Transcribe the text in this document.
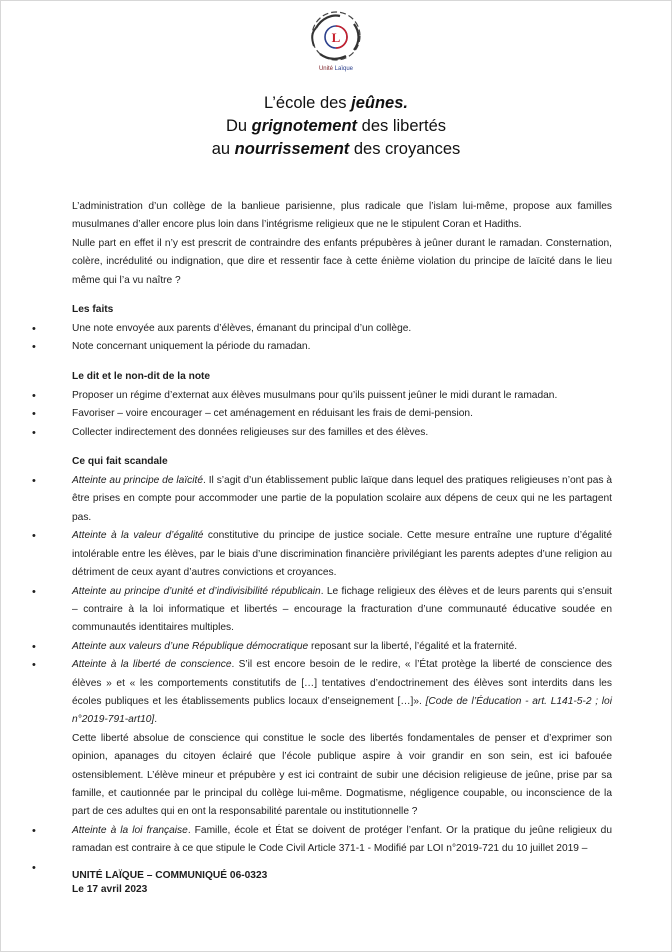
L
Unité Laïque
L’école des jeûnes.
Du grignotement des libertés
au nourrissement des croyances

L’administration d’un collège de la banlieue parisienne, plus radicale que l’islam lui-même, propose aux familles musulmanes d’aller encore plus loin dans l’intégrisme religieux que ne le stipulent Coran et Hadiths.

Nulle part en effet il n’y est prescrit de contraindre des enfants prépubères à jeûner durant le ramadan. Consternation, colère, incrédulité ou indignation, que dire et ressentir face à cette énième violation du principe de laïcité dans le lieu même qui l’a vu naître ?

Les faits
•	Une note envoyée aux parents d’élèves, émanant du principal d’un collège.
•	Note concernant uniquement la période du ramadan.
Le dit et le non-dit de la note
•	Proposer un régime d’externat aux élèves musulmans pour qu’ils puissent jeûner le midi durant le ramadan.
•	Favoriser – voire encourager – cet aménagement en réduisant les frais de demi-pension.
•	Collecter indirectement des données religieuses sur des familles et des élèves.
Ce qui fait scandale
•	Atteinte au principe de laïcité. Il s’agit d’un établissement public laïque dans lequel des pratiques religieuses n’ont pas à être prises en compte pour accommoder une partie de la population scolaire aux dépens de ceux qui ne les partagent pas.
•	Atteinte à la valeur d’égalité constitutive du principe de justice sociale. Cette mesure entraîne une rupture d’égalité intolérable entre les élèves, par le biais d’une discrimination financière privilégiant les parents adeptes d’une religion au détriment de ceux ayant d’autres convictions et croyances.
•	Atteinte au principe d’unité et d’indivisibilité républicain. Le fichage religieux des élèves et de leurs parents qui s’ensuit – contraire à la loi informatique et libertés – encourage la fracturation d’une communauté éducative soudée en communautés identitaires multiples.
•	Atteinte aux valeurs d’une République démocratique reposant sur la liberté, l’égalité et la fraternité.
•	Atteinte à la liberté de conscience. S’il est encore besoin de le redire, « l’État protège la liberté de conscience des élèves » et « les comportements constitutifs de […] tentatives d’endoctrinement des élèves sont interdits dans les écoles publiques et les établissements publics locaux d’enseignement […]». [Code de l’Éducation - art. L141-5-2 ; loi n°2019-791-art10].
Cette liberté absolue de conscience qui constitue le socle des libertés fondamentales de penser et d’exprimer son opinion, apanages du citoyen éclairé que l’école publique aspire à voir grandir en son sein, est ici bafouée ostensiblement. L’élève mineur et prépubère y est ici contraint de subir une décision religieuse de jeûne, prise par sa famille, et cautionnée par le principal du collège lui-même. Dogmatisme, négligence coupable, ou inconscience de la part de ces adultes qui en ont la responsabilité parentale ou institutionnelle ?
•	Atteinte à la loi française. Famille, école et État se doivent de protéger l’enfant. Or la pratique du jeûne religieux du ramadan est contraire à ce que stipule le Code Civil Article 371-1 - Modifié par LOI n°2019-721 du 10 juillet 2019 –
•

UNITÉ LAÏQUE – COMMUNIQUÉ 06-0323
Le 17 avril 2023
